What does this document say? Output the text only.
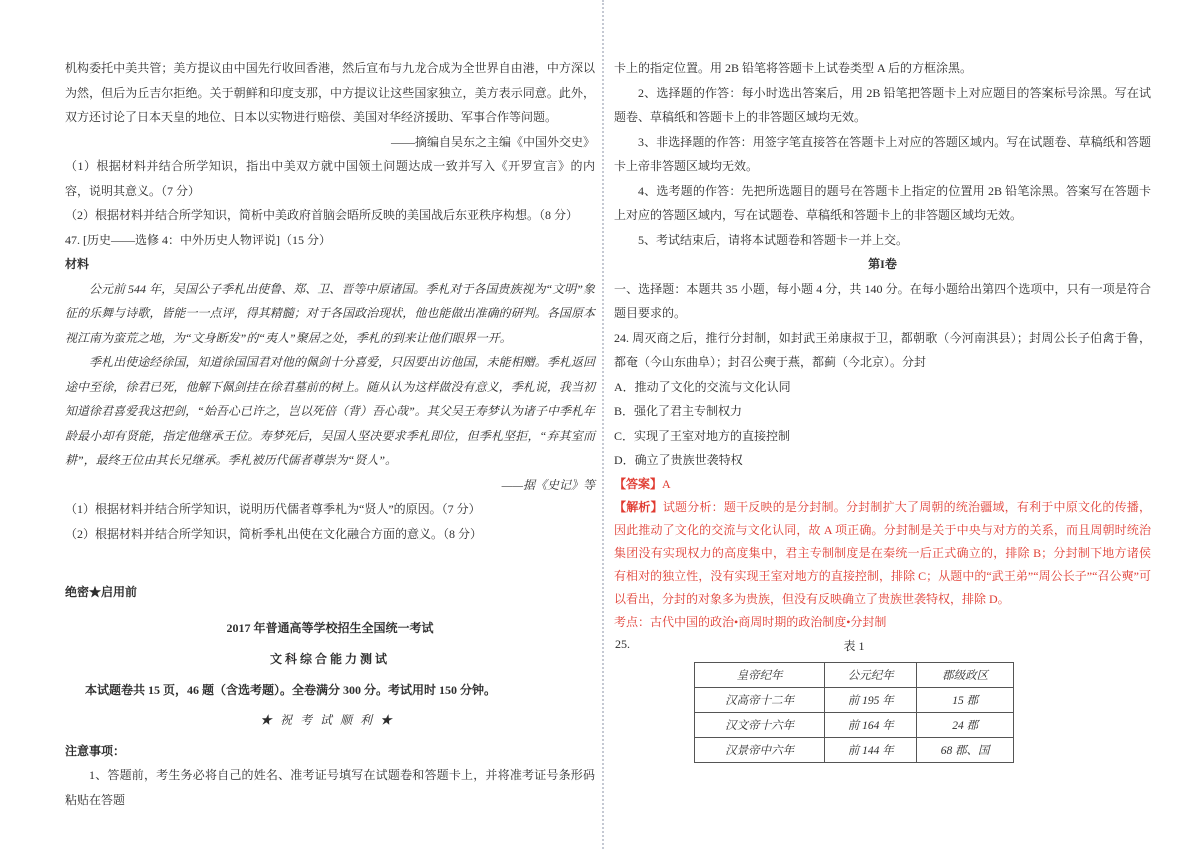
机构委托中美共管；美方提议由中国先行收回香港，然后宣布与九龙合成为全世界自由港，中方深以为然，但后为丘吉尔拒绝。关于朝鲜和印度支那，中方提议让这些国家独立，美方表示同意。此外，双方还讨论了日本天皇的地位、日本以实物进行赔偿、美国对华经济援助、军事合作等问题。

——摘编自吴东之主编《中国外交史》

（1）根据材料并结合所学知识，指出中美双方就中国领土问题达成一致并写入《开罗宣言》的内容，说明其意义。（7 分）

（2）根据材料并结合所学知识，简析中美政府首脑会晤所反映的美国战后东亚秩序构想。（8 分）

47. [历史——选修 4：中外历史人物评说]（15 分）

材料

公元前 544 年，吴国公子季札出使鲁、郑、卫、晋等中原诸国。季札对于各国贵族视为“文明”象征的乐舞与诗歌，皆能一一点评，得其精髓；对于各国政治现状，他也能做出准确的研判。各国原本视江南为蛮荒之地，为“文身断发”的“夷人”聚居之处，季札的到来让他们眼界一开。

季札出使途经徐国，知道徐国国君对他的佩剑十分喜爱，只因要出访他国，未能相赠。季札返回途中至徐，徐君已死，他解下佩剑挂在徐君墓前的树上。随从认为这样做没有意义，季札说，我当初知道徐君喜爱我这把剑，“始吾心已许之，岂以死倍（背）吾心哉”。其父吴王寿梦认为诸子中季札年龄最小却有贤能，指定他继承王位。寿梦死后，吴国人坚决要求季札即位，但季札坚拒，“弃其室而耕”，最终王位由其长兄继承。季札被历代儒者尊崇为“贤人”。

——据《史记》等

（1）根据材料并结合所学知识，说明历代儒者尊季札为“贤人”的原因。（7 分）

（2）根据材料并结合所学知识，简析季札出使在文化融合方面的意义。（8 分）

绝密★启用前

2017 年普通高等学校招生全国统一考试

文科综合能力测试

本试题卷共 15 页，46 题（含选考题）。全卷满分 300 分。考试用时 150 分钟。

★祝考试顺利★

注意事项：

1、答题前，考生务必将自己的姓名、准考证号填写在试题卷和答题卡上，并将准考证号条形码粘贴在答题

卡上的指定位置。用 2B 铅笔将答题卡上试卷类型 A 后的方框涂黑。

2、选择题的作答：每小时选出答案后，用 2B 铅笔把答题卡上对应题目的答案标号涂黑。写在试题卷、草稿纸和答题卡上的非答题区域均无效。

3、非选择题的作答：用签字笔直接答在答题卡上对应的答题区域内。写在试题卷、草稿纸和答题卡上帝非答题区域均无效。

4、选考题的作答：先把所选题目的题号在答题卡上指定的位置用 2B 铅笔涂黑。答案写在答题卡上对应的答题区域内，写在试题卷、草稿纸和答题卡上的非答题区域均无效。

5、考试结束后，请将本试题卷和答题卡一并上交。

第I卷

一、选择题：本题共 35 小题，每小题 4 分，共 140 分。在每小题给出第四个选项中，只有一项是符合题目要求的。

24. 周灭商之后，推行分封制，如封武王弟康叔于卫，都朝歌（今河南淇县）；封周公长子伯禽于鲁，都奄（今山东曲阜）；封召公奭于燕，都蓟（今北京）。分封

A．推动了文化的交流与文化认同

B．强化了君主专制权力

C．实现了王室对地方的直接控制

D．确立了贵族世袭特权

【答案】A

【解析】试题分析：题干反映的是分封制。分封制扩大了周朝的统治疆域，有利于中原文化的传播，因此推动了文化的交流与文化认同，故 A 项正确。分封制是关于中央与对方的关系，而且周朝时统治集团没有实现权力的高度集中，君主专制制度是在秦统一后正式确立的，排除 B；分封制下地方诸侯有相对的独立性，没有实现王室对地方的直接控制，排除 C；从题中的“武王弟”“周公长子”“召公奭”可以看出，分封的对象多为贵族，但没有反映确立了贵族世袭特权，排除 D。

考点：古代中国的政治•商周时期的政治制度•分封制

25.	表 1
皇帝纪年	公元纪年	郡级政区
汉高帝十二年	前 195 年	15 郡
汉文帝十六年	前 164 年	24 郡
汉景帝中六年	前 144 年	68 郡、国
